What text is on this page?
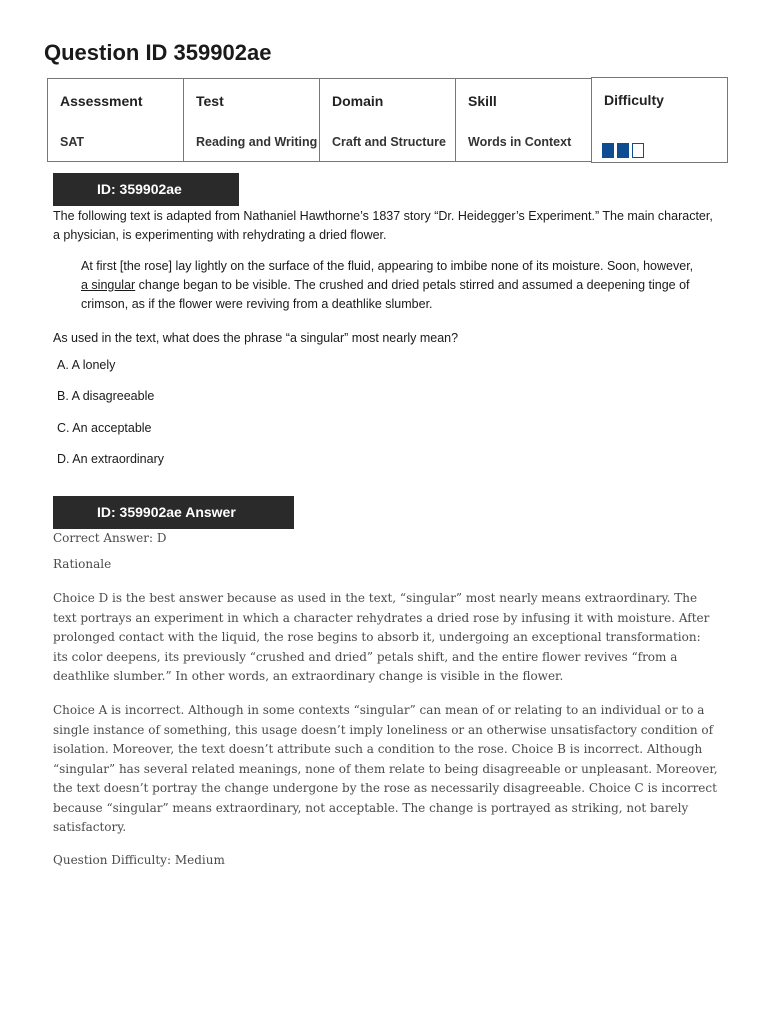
Question ID 359902ae
Assessment
SAT
Test
Reading and Writing
Domain
Craft and Structure
Skill
Words in Context
Difficulty
ID: 359902ae

The following text is adapted from Nathaniel Hawthorne’s 1837 story “Dr. Heidegger’s Experiment.” The main character, a physician, is experimenting with rehydrating a dried flower.

At first [the rose] lay lightly on the surface of the fluid, appearing to imbibe none of its moisture. Soon, however, a singular change began to be visible. The crushed and dried petals stirred and assumed a deepening tinge of crimson, as if the flower were reviving from a deathlike slumber.

As used in the text, what does the phrase “a singular” most nearly mean?

A. A lonely
B. A disagreeable
C. An acceptable
D. An extraordinary
ID: 359902ae Answer

Correct Answer: D

Rationale

Choice D is the best answer because as used in the text, “singular” most nearly means extraordinary. The text portrays an experiment in which a character rehydrates a dried rose by infusing it with moisture. After prolonged contact with the liquid, the rose begins to absorb it, undergoing an exceptional transformation: its color deepens, its previously “crushed and dried” petals shift, and the entire flower revives “from a deathlike slumber.” In other words, an extraordinary change is visible in the flower.

Choice A is incorrect. Although in some contexts “singular” can mean of or relating to an individual or to a single instance of something, this usage doesn’t imply loneliness or an otherwise unsatisfactory condition of isolation. Moreover, the text doesn’t attribute such a condition to the rose. Choice B is incorrect. Although “singular” has several related meanings, none of them relate to being disagreeable or unpleasant. Moreover, the text doesn’t portray the change undergone by the rose as necessarily disagreeable. Choice C is incorrect because “singular” means extraordinary, not acceptable. The change is portrayed as striking, not barely satisfactory.

Question Difficulty: Medium
